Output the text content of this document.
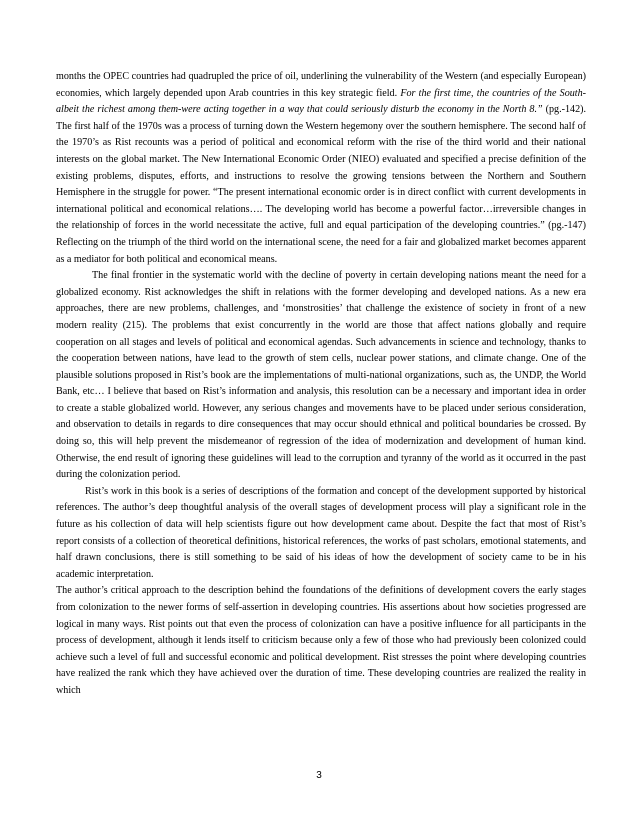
months the OPEC countries had quadrupled the price of oil, underlining the vulnerability of the Western (and especially European) economies, which largely depended upon Arab countries in this key strategic field. For the first time, the countries of the South-albeit the richest among them-were acting together in a way that could seriously disturb the economy in the North 8.” (pg.-142). The first half of the 1970s was a process of turning down the Western hegemony over the southern hemisphere. The second half of the 1970’s as Rist recounts was a period of political and economical reform with the rise of the third world and their national interests on the global market. The New International Economic Order (NIEO) evaluated and specified a precise definition of the existing problems, disputes, efforts, and instructions to resolve the growing tensions between the Northern and Southern Hemisphere in the struggle for power. “The present international economic order is in direct conflict with current developments in international political and economical relations…. The developing world has become a powerful factor…irreversible changes in the relationship of forces in the world necessitate the active, full and equal participation of the developing countries.” (pg.-147) Reflecting on the triumph of the third world on the international scene, the need for a fair and globalized market becomes apparent as a mediator for both political and economical means.

The final frontier in the systematic world with the decline of poverty in certain developing nations meant the need for a globalized economy. Rist acknowledges the shift in relations with the former developing and developed nations. As a new era approaches, there are new problems, challenges, and ‘monstrosities’ that challenge the existence of society in front of a new modern reality (215). The problems that exist concurrently in the world are those that affect nations globally and require cooperation on all stages and levels of political and economical agendas. Such advancements in science and technology, thanks to the cooperation between nations, have lead to the growth of stem cells, nuclear power stations, and climate change. One of the plausible solutions proposed in Rist’s book are the implementations of multi-national organizations, such as, the UNDP, the World Bank, etc… I believe that based on Rist’s information and analysis, this resolution can be a necessary and important idea in order to create a stable globalized world. However, any serious changes and movements have to be placed under serious consideration, and observation to details in regards to dire consequences that may occur should ethnical and political boundaries be crossed. By doing so, this will help prevent the misdemeanor of regression of the idea of modernization and development of human kind. Otherwise, the end result of ignoring these guidelines will lead to the corruption and tyranny of the world as it occurred in the past during the colonization period.

Rist’s work in this book is a series of descriptions of the formation and concept of the development supported by historical references. The author’s deep thoughtful analysis of the overall stages of development process will play a significant role in the future as his collection of data will help scientists figure out how development came about. Despite the fact that most of Rist’s report consists of a collection of theoretical definitions, historical references, the works of past scholars, emotional statements, and half drawn conclusions, there is still something to be said of his ideas of how the development of society came to be in his academic interpretation.

The author’s critical approach to the description behind the foundations of the definitions of development covers the early stages from colonization to the newer forms of self-assertion in developing countries. His assertions about how societies progressed are logical in many ways. Rist points out that even the process of colonization can have a positive influence for all participants in the process of development, although it lends itself to criticism because only a few of those who had previously been colonized could achieve such a level of full and successful economic and political development. Rist stresses the point where developing countries have realized the rank which they have achieved over the duration of time. These developing countries are realized the reality in which

3
